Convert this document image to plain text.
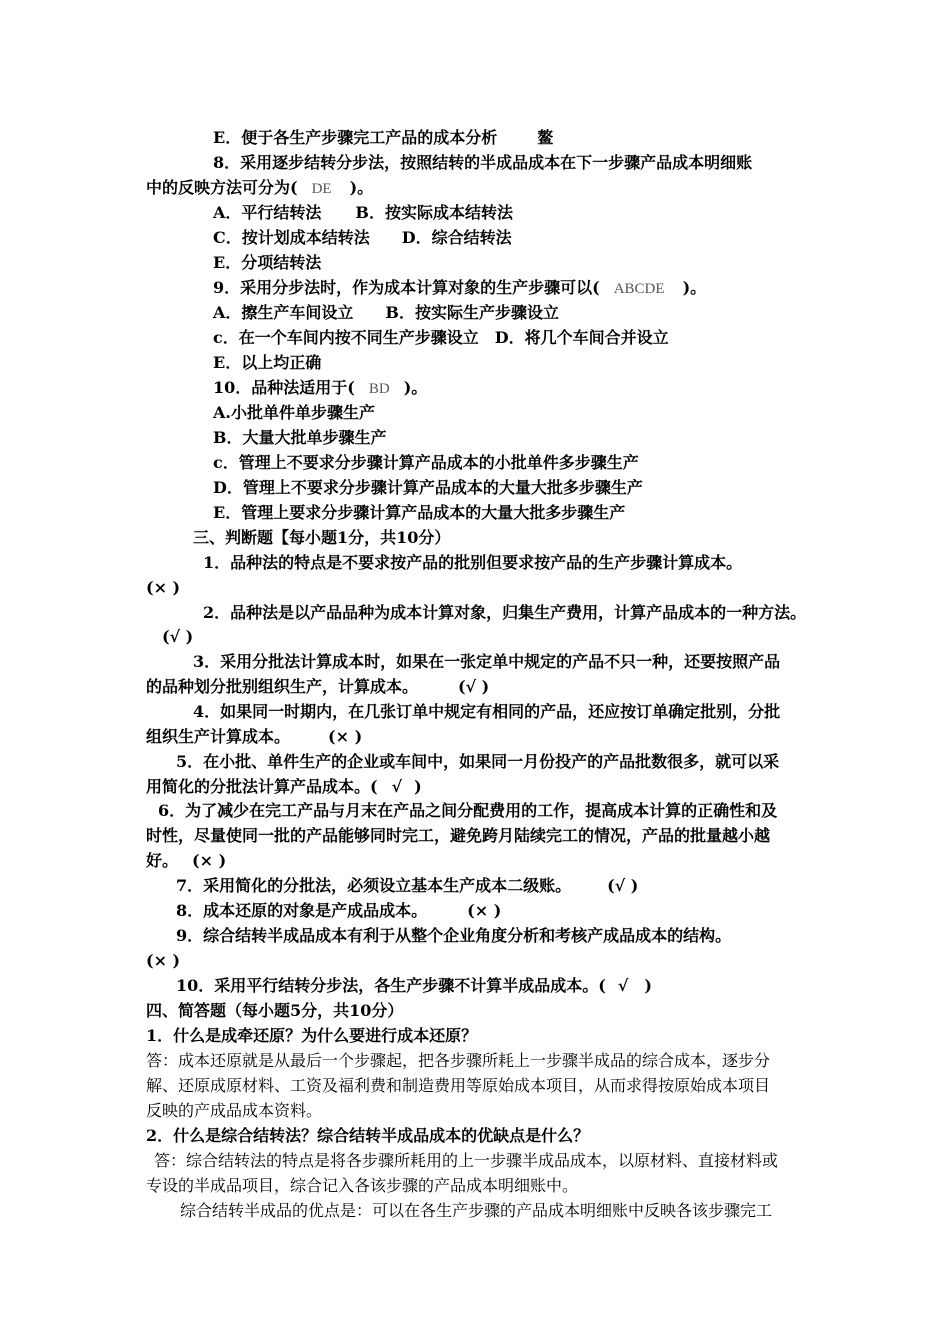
E．便于各生产步骤完工产品的成本分析	鳌
8．采用逐步结转分步法，按照结转的半成品成本在下一步骤产品成本明细账
中的反映方法可分为( DE )。
A．平行结转法 B．按实际成本结转法
C．按计划成本结转法 D．综合结转法
E．分项结转法
9．采用分步法时，作为成本计算对象的生产步骤可以( ABCDE )。
A．擦生产车间设立 B．按实际生产步骤设立
c．在一个车间内按不同生产步骤设立 D．将几个车间合并设立
E．以上均正确
10．品种法适用于( BD )。
A.小批单件单步骤生产
B．大量大批单步骤生产
c．管理上不要求分步骤计算产品成本的小批单件多步骤生产
D．管理上不要求分步骤计算产品成本的大量大批多步骤生产
E．管理上要求分步骤计算产品成本的大量大批多步骤生产
三、判断题【每小题1分，共10分）
1．品种法的特点是不要求按产品的批别但要求按产品的生产步骤计算成本。
(× )
2．品种法是以产品品种为成本计算对象，归集生产费用，计算产品成本的一种方法。
(√ )
3．采用分批法计算成本时，如果在一张定单中规定的产品不只一种，还要按照产品
的品种划分批别组织生产，计算成本。	(√ )
4．如果同一时期内，在几张订单中规定有相同的产品，还应按订单确定批别，分批
组织生产计算成本。 (× )
5．在小批、单件生产的企业或车间中，如果同一月份投产的产品批数很多，就可以采
用简化的分批法计算产品成本。( √ )
6．为了减少在完工产品与月末在产品之间分配费用的工作，提高成本计算的正确性和及
时性，尽量使同一批的产品能够同时完工，避免跨月陆续完工的情况，产品的批量越小越
好。 (× )
7．采用简化的分批法，必须设立基本生产成本二级账。 (√ )
8．成本还原的对象是产成品成本。	(× )
9．综合结转半成品成本有利于从整个企业角度分析和考核产成品成本的结构。
(× )
10．采用平行结转分步法，各生产步骤不计算半成品成本。( √ )
四、简答题（每小题5分，共10分）
1．什么是成牵还原？为什么要进行成本还原？
答：成本还原就是从最后一个步骤起，把各步骤所耗上一步骤半成品的综合成本，逐步分
解、还原成原材料、工资及福利费和制造费用等原始成本项目，从而求得按原始成本项目
反映的产成品成本资料。
2．什么是综合结转法？综合结转半成品成本的优缺点是什么？
答：综合结转法的特点是将各步骤所耗用的上一步骤半成品成本，以原材料、直接材料或
专设的半成品项目，综合记入各该步骤的产品成本明细账中。
综合结转半成品的优点是：可以在各生产步骤的产品成本明细账中反映各该步骤完工
